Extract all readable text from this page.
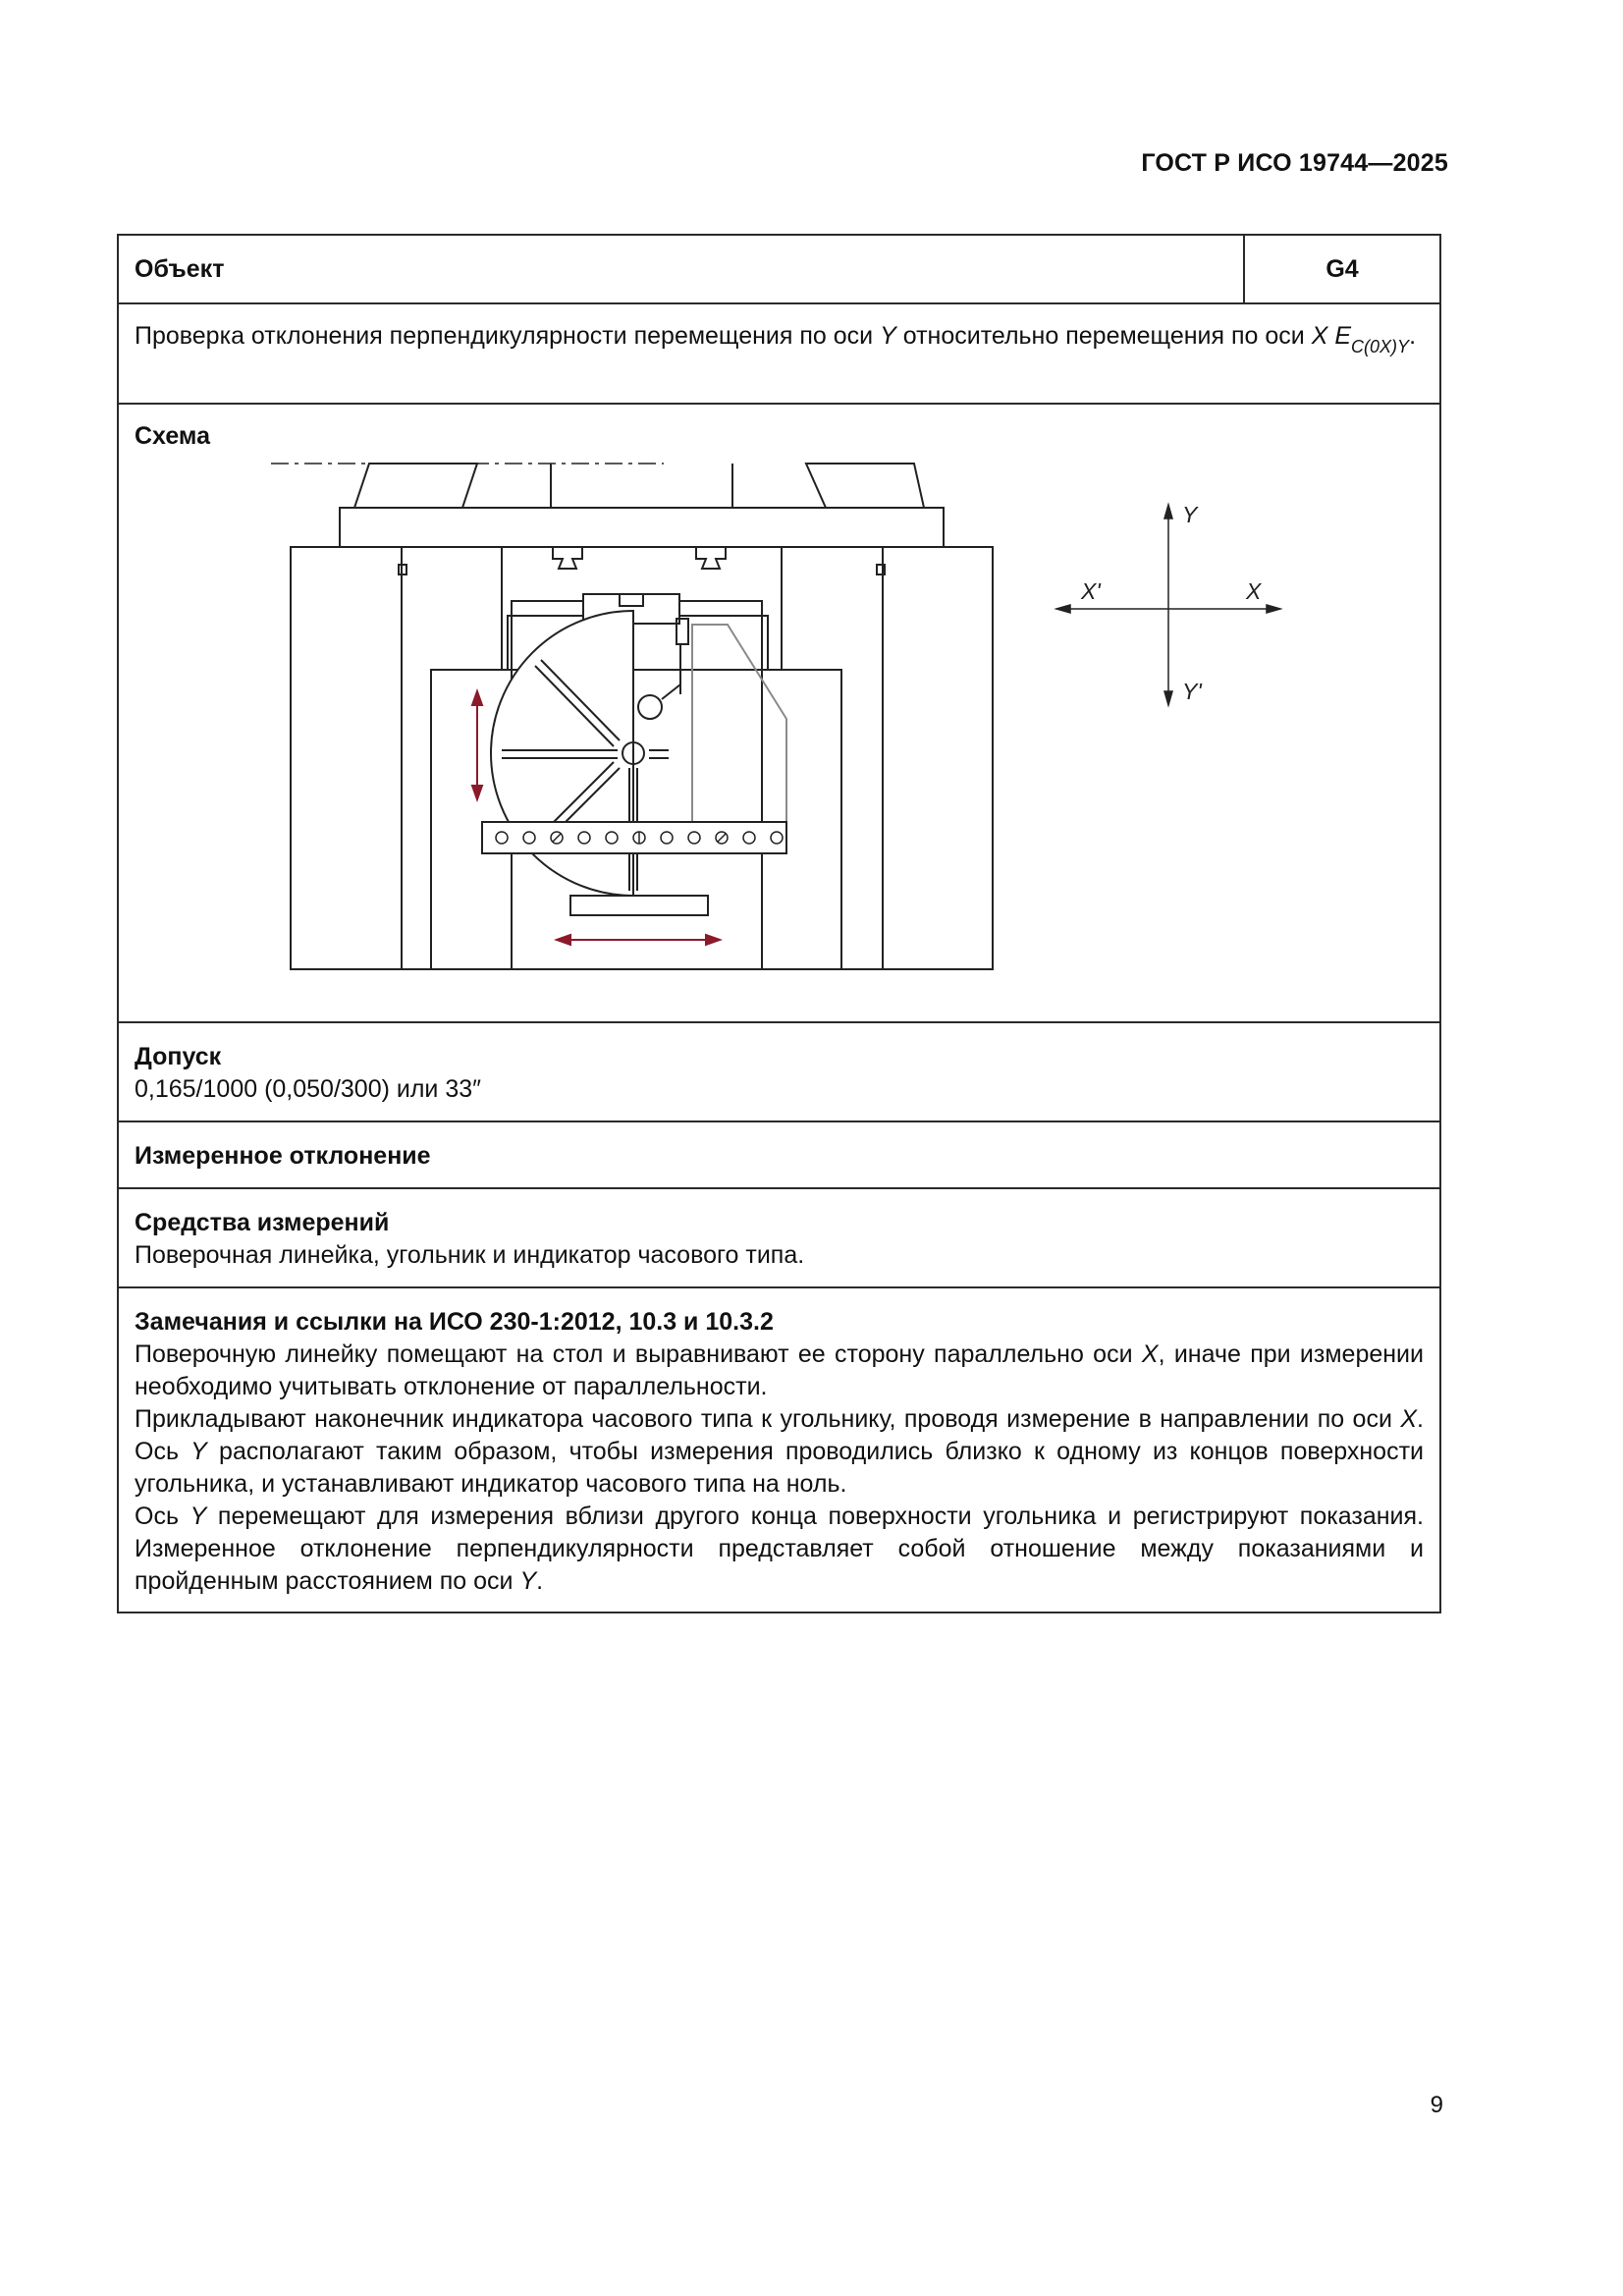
ГОСТ Р ИСО 19744—2025
Объект	G4
Проверка отклонения перпендикулярности перемещения по оси Y относительно перемещения по оси X $E_{C(0X)Y}$.
Схема
Y
Y'
X'	X
Допуск
0,165/1000 (0,050/300) или 33″
Измеренное отклонение
Средства измерений
Поверочная линейка, угольник и индикатор часового типа.
Замечания и ссылки на ИСО 230-1:2012, 10.3 и 10.3.2
Поверочную линейку помещают на стол и выравнивают ее сторону параллельно оси X, иначе при измерении необходимо учитывать отклонение от параллельности.
Прикладывают наконечник индикатора часового типа к угольнику, проводя измерение в направлении по оси X. Ось Y располагают таким образом, чтобы измерения проводились близко к одному из концов поверхности угольника, и устанавливают индикатор часового типа на ноль.
Ось Y перемещают для измерения вблизи другого конца поверхности угольника и регистрируют показания. Измеренное отклонение перпендикулярности представляет собой отношение между показаниями и пройденным расстоянием по оси Y.
9
